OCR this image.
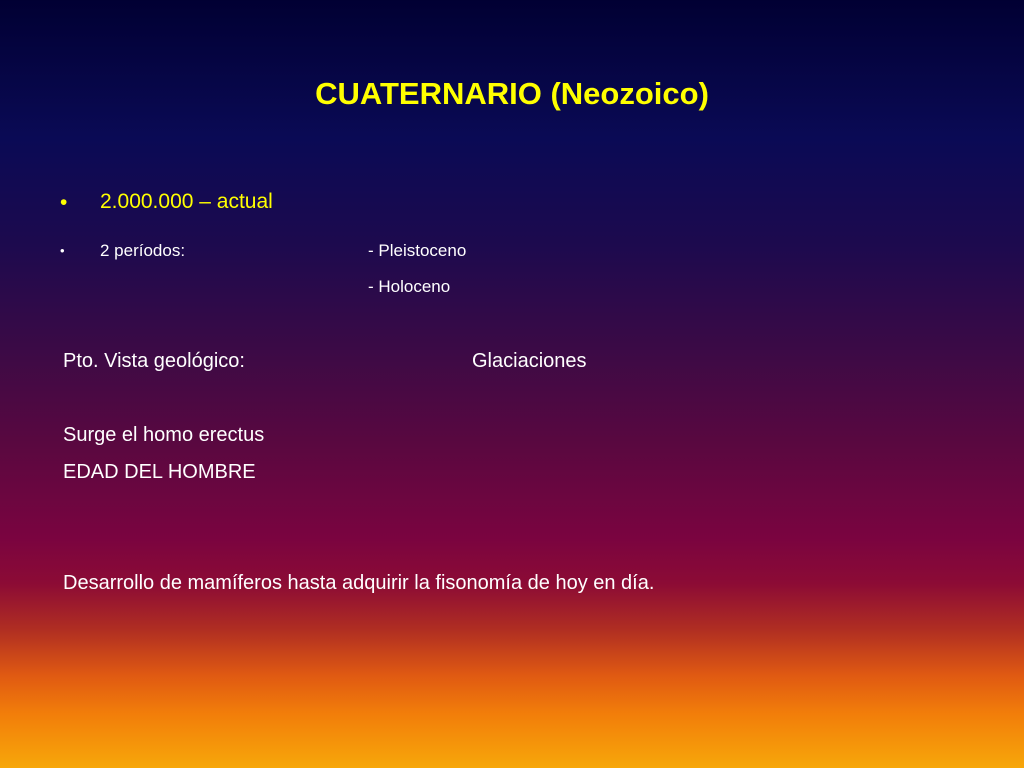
CUATERNARIO (Neozoico)
• 2.000.000 – actual
• 2 períodos:	- Pleistoceno
- Holoceno
Pto. Vista geológico:	Glaciaciones
Surge el homo erectus
EDAD DEL HOMBRE
Desarrollo de mamíferos hasta adquirir la fisonomía de hoy en día.
